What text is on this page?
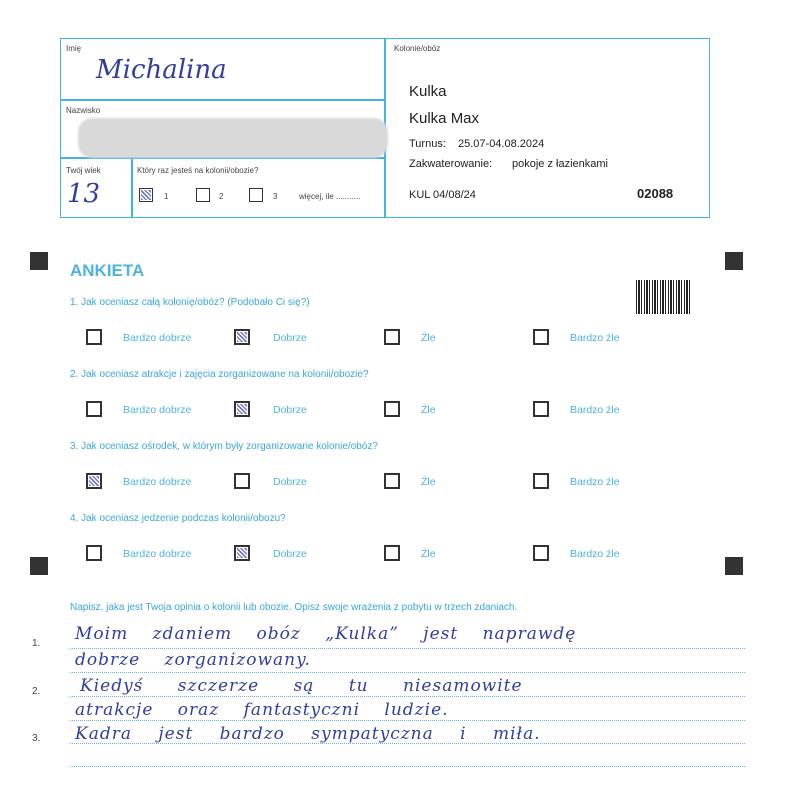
Imię
Michalina
Nazwisko
Twój wiek
13
Który raz jesteś na kolonii/obozie?
1	2	3	więcej, ile ...........
Kolonie/obóz
Kulka
Kulka Max
Turnus: 25.07-04.08.2024
Zakwaterowanie: pokoje z łazienkami
KUL 04/08/24	02088
ANKIETA
1. Jak oceniasz całą kolonię/obóz? (Podobało Ci się?)
Bardzo dobrze	Dobrze	Źle	Bardzo źle
2. Jak oceniasz atrakcje i zajęcia zorganizowane na kolonii/obozie?
Bardzo dobrze	Dobrze	Źle	Bardzo źle
3. Jak oceniasz ośrodek, w którym były zorganizowane kolonie/obóz?
Bardzo dobrze	Dobrze	Źle	Bardzo źle
4. Jak oceniasz jedzenie podczas kolonii/obozu?
Bardzo dobrze	Dobrze	Źle	Bardzo źle
Napisz, jaka jest Twoja opinia o kolonii lub obozie. Opisz swoje wrażenia z pobytu w trzech zdaniach.
1.
2.
3.
Moim zdaniem obóz „Kulka” jest naprawdę
dobrze zorganizowany.
Kiedyś szczerze są tu niesamowite
atrakcje oraz fantastyczni ludzie.
Kadra jest bardzo sympatyczna i miła.
